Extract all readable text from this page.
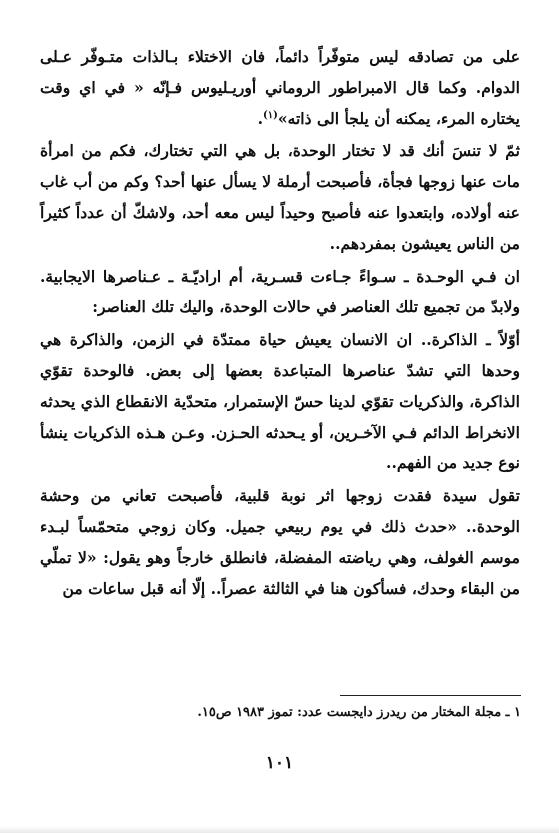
على من تصادقه ليس متوفّراً دائماً، فان الاختلاء بـالذات متـوفّر عـلى الدوام. وكما قال الامبراطور الروماني أوريـليوس فـإنّه « في اي وقت يختاره المرء، يمكنه أن يلجأ الى ذاته»$^{(١)}$.

ثمّ لا تنسَ أنك قد لا تختار الوحدة، بل هي التي تختارك، فكم من امرأة مات عنها زوجها فجأة، فأصبحت أرملة لا يسأل عنها أحد؟ وكم من أب غاب عنه أولاده، وابتعدوا عنه فأصبح وحيداً ليس معه أحد، ولاشكّ أن عدداً كثيراً من الناس يعيشون بمفردهم..

ان فـي الوحـدة ـ سـواءً جـاءت قسـرية، أم اراديّـة ـ عـناصرها الايجابية. ولابدّ من تجميع تلك العناصر في حالات الوحدة، واليك تلك العناصر:

أوّلاً ـ الذاكرة.. ان الانسان يعيش حياة ممتدّة في الزمن، والذاكرة هي وحدها التي تشدّ عناصرها المتباعدة بعضها إلى بعض. فالوحدة تقوّي الذاكرة، والذكريات تقوّي لدينا حسّ الإستمرار، متحدّية الانقطاع الذي يحدثه الانخراط الدائم فـي الآخـرين، أو يـحدثه الحـزن. وعـن هـذه الذكريات ينشأ نوع جديد من الفهم..

تقول سيدة فقدت زوجها اثر نوبة قلبية، فأصبحت تعاني من وحشة الوحدة.. «حدث ذلك في يوم ربيعي جميل. وكان زوجي متحمّساً لبـدء موسم الغولف، وهي رياضته المفضلة، فانطلق خارجاً وهو يقول: «لا تملّي من البقاء وحدك، فسأكون هنا في الثالثة عصراً.. إلّا أنه قبل ساعات من

١ ـ مجلة المختار من ريدرز دايجست عدد: تموز ١٩٨٣ ص١٥.
١٠١
